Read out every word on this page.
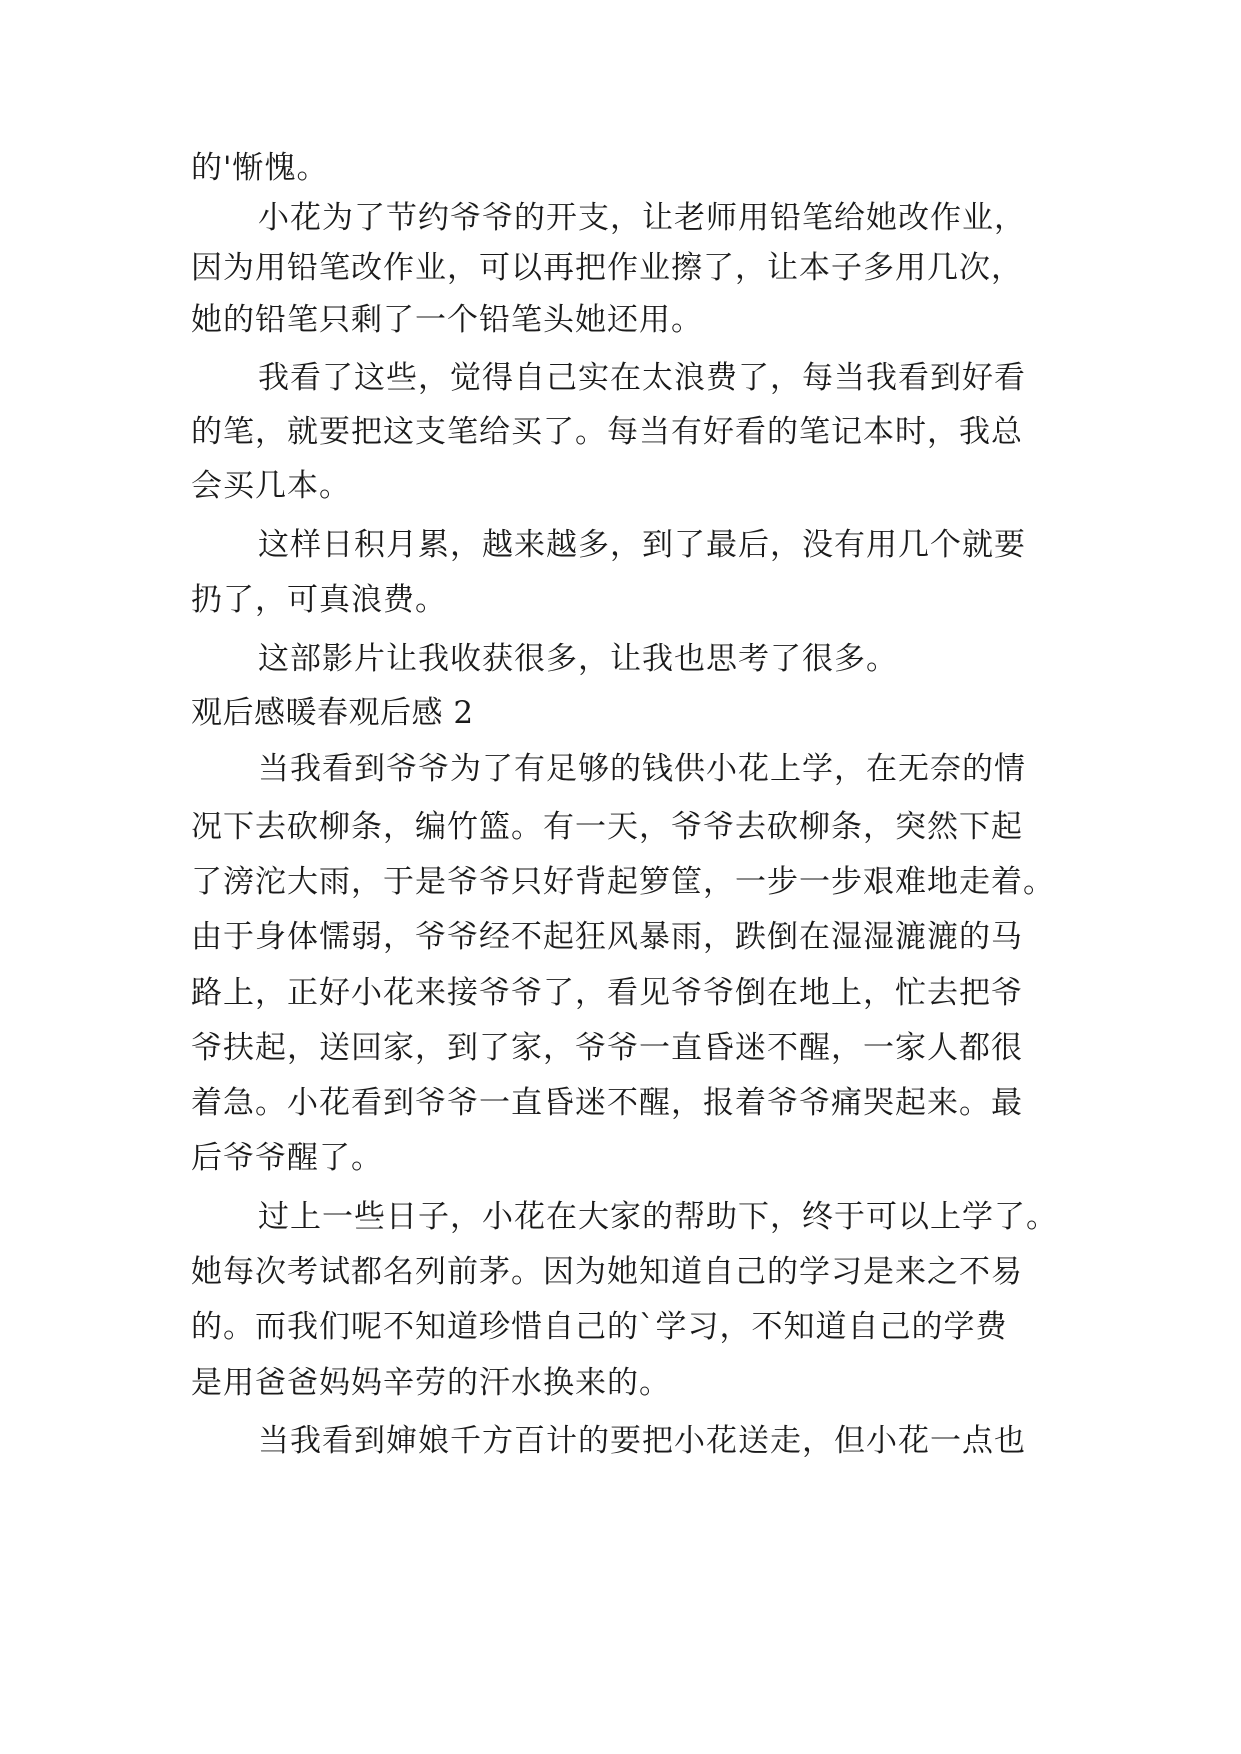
的'惭愧。
小花为了节约爷爷的开支，让老师用铅笔给她改作业，
因为用铅笔改作业，可以再把作业擦了，让本子多用几次，
她的铅笔只剩了一个铅笔头她还用。
我看了这些，觉得自己实在太浪费了，每当我看到好看
的笔，就要把这支笔给买了。每当有好看的笔记本时，我总
会买几本。
这样日积月累，越来越多，到了最后，没有用几个就要
扔了，可真浪费。
这部影片让我收获很多，让我也思考了很多。
观后感暖春观后感 2
当我看到爷爷为了有足够的钱供小花上学，在无奈的情
况下去砍柳条，编竹篮。有一天，爷爷去砍柳条，突然下起
了滂沱大雨，于是爷爷只好背起箩筐，一步一步艰难地走着。
由于身体懦弱，爷爷经不起狂风暴雨，跌倒在湿湿漉漉的马
路上，正好小花来接爷爷了，看见爷爷倒在地上，忙去把爷
爷扶起，送回家，到了家，爷爷一直昏迷不醒，一家人都很
着急。小花看到爷爷一直昏迷不醒，报着爷爷痛哭起来。最
后爷爷醒了。
过上一些日子，小花在大家的帮助下，终于可以上学了。
她每次考试都名列前茅。因为她知道自己的学习是来之不易
的。而我们呢不知道珍惜自己的`学习，不知道自己的学费
是用爸爸妈妈辛劳的汗水换来的。
当我看到婶娘千方百计的要把小花送走，但小花一点也
